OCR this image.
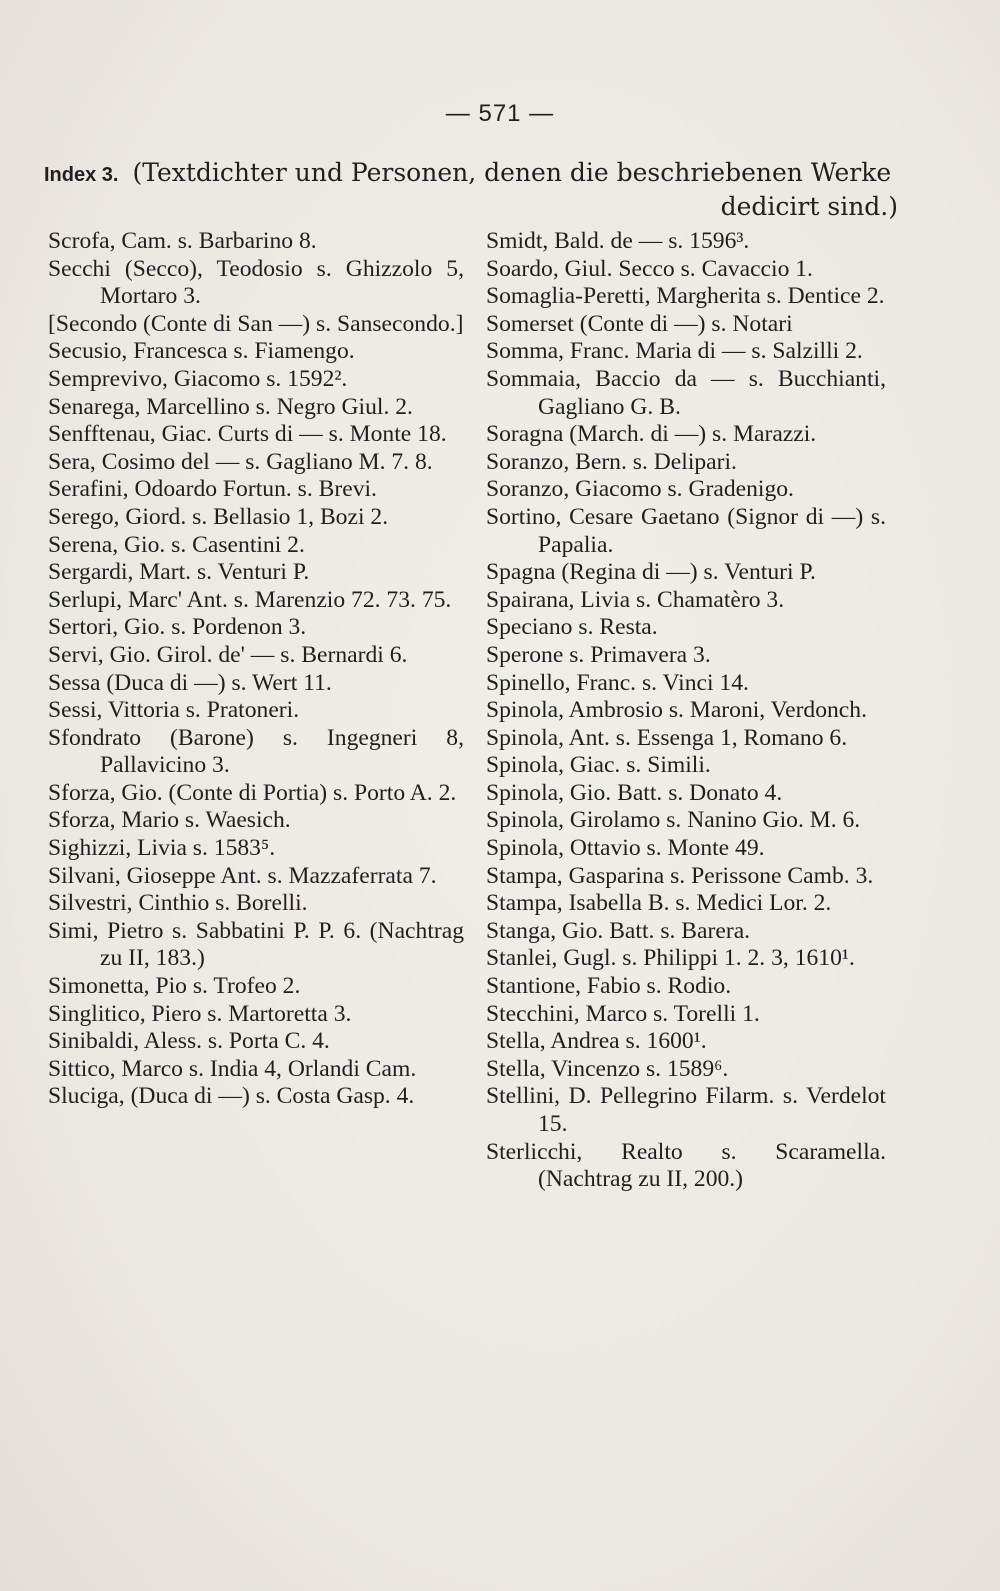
— 571 —
Index 3. (Textdichter und Personen, denen die beschriebenen Werke
dedicirt sind.)

Scrofa, Cam. s. Barbarino 8.

Secchi (Secco), Teodosio s. Ghizzolo 5, Mortaro 3.

[Secondo (Conte di San —) s. Sansecondo.]

Secusio, Francesca s. Fiamengo.

Semprevivo, Giacomo s. 1592².

Senarega, Marcellino s. Negro Giul. 2.

Senfftenau, Giac. Curts di — s. Monte 18.

Sera, Cosimo del — s. Gagliano M. 7. 8.

Serafini, Odoardo Fortun. s. Brevi.

Serego, Giord. s. Bellasio 1, Bozi 2.

Serena, Gio. s. Casentini 2.

Sergardi, Mart. s. Venturi P.

Serlupi, Marc' Ant. s. Marenzio 72. 73. 75.

Sertori, Gio. s. Pordenon 3.

Servi, Gio. Girol. de' — s. Bernardi 6.

Sessa (Duca di —) s. Wert 11.

Sessi, Vittoria s. Pratoneri.

Sfondrato (Barone) s. Ingegneri 8, Pallavicino 3.

Sforza, Gio. (Conte di Portia) s. Porto A. 2.

Sforza, Mario s. Waesich.

Sighizzi, Livia s. 1583⁵.

Silvani, Gioseppe Ant. s. Mazzaferrata 7.

Silvestri, Cinthio s. Borelli.

Simi, Pietro s. Sabbatini P. P. 6. (Nachtrag zu II, 183.)

Simonetta, Pio s. Trofeo 2.

Singlitico, Piero s. Martoretta 3.

Sinibaldi, Aless. s. Porta C. 4.

Sittico, Marco s. India 4, Orlandi Cam.

Sluciga, (Duca di —) s. Costa Gasp. 4.

Smidt, Bald. de — s. 1596³.

Soardo, Giul. Secco s. Cavaccio 1.

Somaglia-Peretti, Margherita s. Dentice 2.

Somerset (Conte di —) s. Notari

Somma, Franc. Maria di — s. Salzilli 2.

Sommaia, Baccio da — s. Bucchianti, Gagliano G. B.

Soragna (March. di —) s. Marazzi.

Soranzo, Bern. s. Delipari.

Soranzo, Giacomo s. Gradenigo.

Sortino, Cesare Gaetano (Signor di —) s. Papalia.

Spagna (Regina di —) s. Venturi P.

Spairana, Livia s. Chamatèro 3.

Speciano s. Resta.

Sperone s. Primavera 3.

Spinello, Franc. s. Vinci 14.

Spinola, Ambrosio s. Maroni, Verdonch.

Spinola, Ant. s. Essenga 1, Romano 6.

Spinola, Giac. s. Simili.

Spinola, Gio. Batt. s. Donato 4.

Spinola, Girolamo s. Nanino Gio. M. 6.

Spinola, Ottavio s. Monte 49.

Stampa, Gasparina s. Perissone Camb. 3.

Stampa, Isabella B. s. Medici Lor. 2.

Stanga, Gio. Batt. s. Barera.

Stanlei, Gugl. s. Philippi 1. 2. 3, 1610¹.

Stantione, Fabio s. Rodio.

Stecchini, Marco s. Torelli 1.

Stella, Andrea s. 1600¹.

Stella, Vincenzo s. 1589⁶.

Stellini, D. Pellegrino Filarm. s. Verdelot 15.

Sterlicchi, Realto s. Scaramella. (Nachtrag zu II, 200.)
